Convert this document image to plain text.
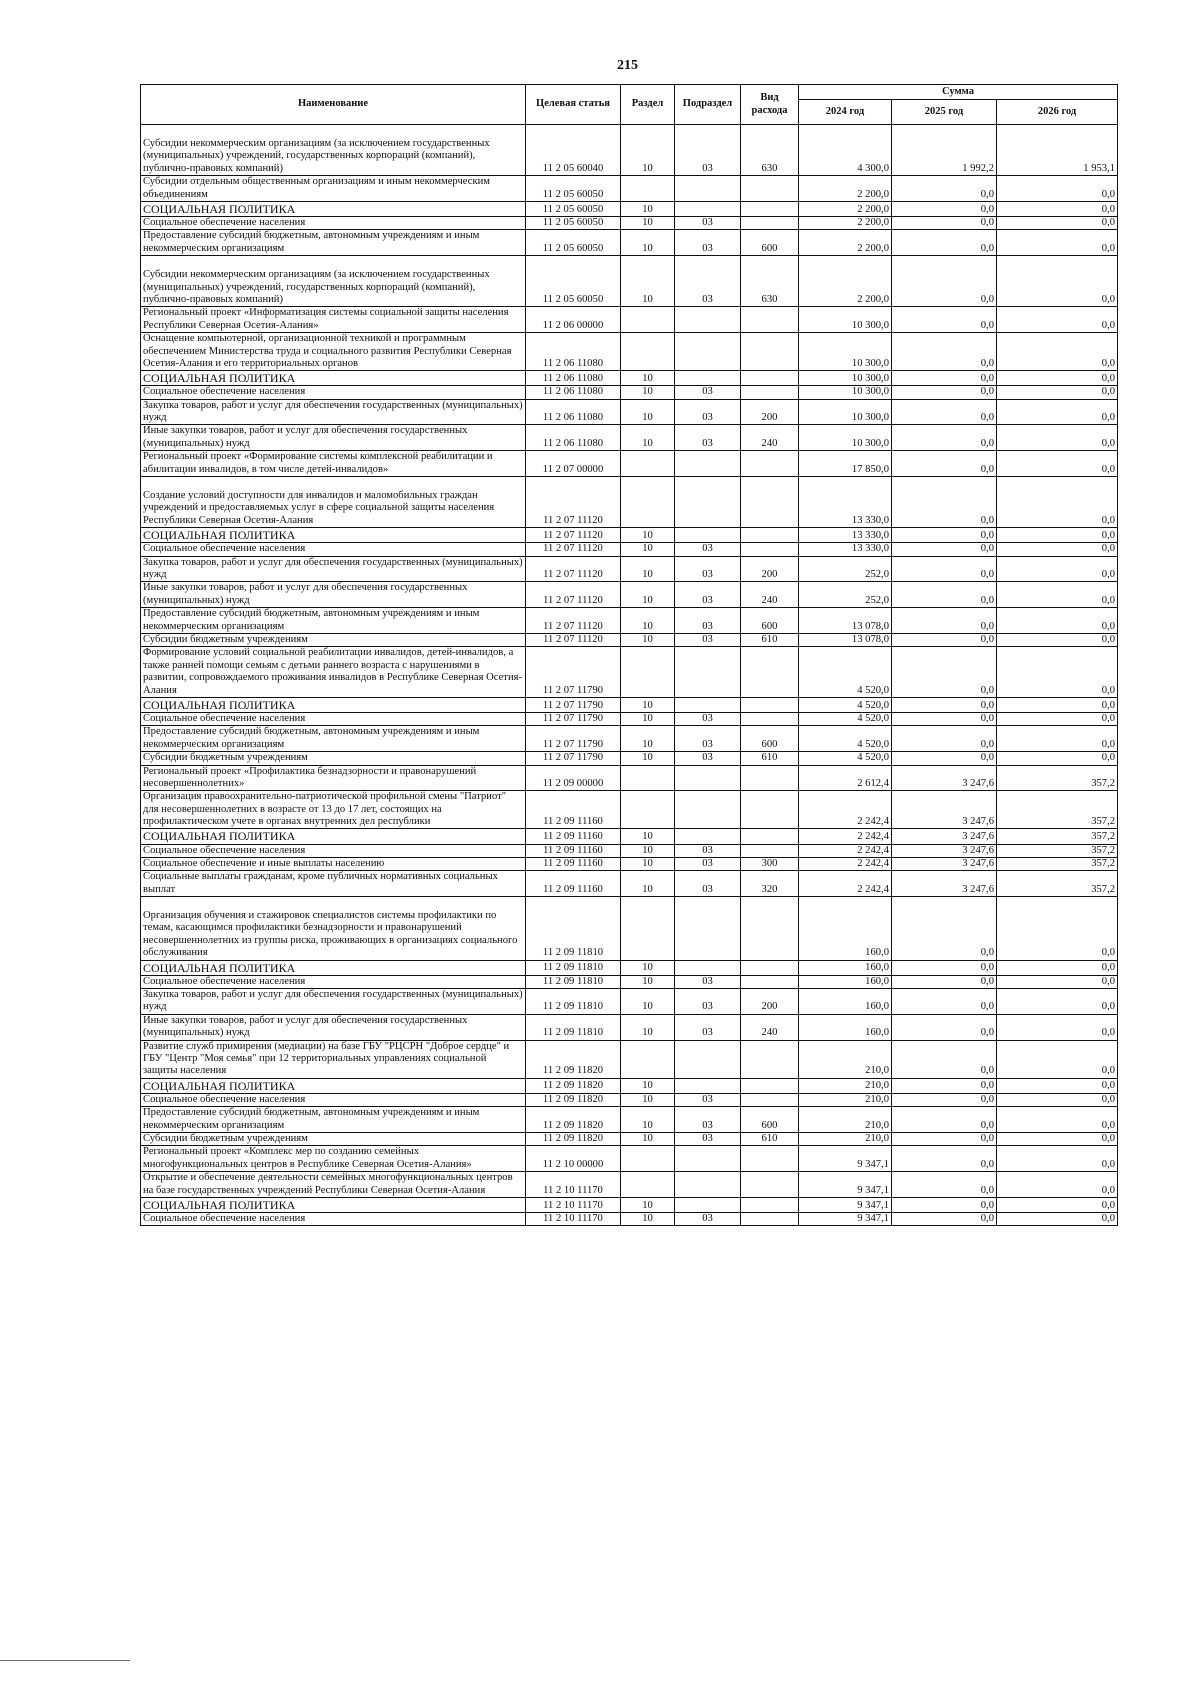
215
Наименование	Целевая статья	Раздел	Подраздел	Вид расхода	Сумма		
					2024 год	2025 год	2026 год
Субсидии некоммерческим организациям (за исключением государственных (муниципальных) учреждений, государственных корпораций (компаний), публично-правовых компаний)	11 2 05 60040	10	03	630	4 300,0	1 992,2	1 953,1
Субсидии отдельным общественным организациям и иным некоммерческим объединениям	11 2 05 60050				2 200,0	0,0	0,0
СОЦИАЛЬНАЯ ПОЛИТИКА	11 2 05 60050	10			2 200,0	0,0	0,0
Социальное обеспечение населения	11 2 05 60050	10	03		2 200,0	0,0	0,0
Предоставление субсидий бюджетным, автономным учреждениям и иным некоммерческим организациям	11 2 05 60050	10	03	600	2 200,0	0,0	0,0
Субсидии некоммерческим организациям (за исключением государственных (муниципальных) учреждений, государственных корпораций (компаний), публично-правовых компаний)	11 2 05 60050	10	03	630	2 200,0	0,0	0,0
Региональный проект «Информатизация системы социальной защиты населения Республики Северная Осетия-Алания»	11 2 06 00000				10 300,0	0,0	0,0
Оснащение компьютерной, организационной техникой и программным обеспечением Министерства труда и социального развития Республики Северная Осетия-Алания и его территориальных органов	11 2 06 11080				10 300,0	0,0	0,0
СОЦИАЛЬНАЯ ПОЛИТИКА	11 2 06 11080	10			10 300,0	0,0	0,0
Социальное обеспечение населения	11 2 06 11080	10	03		10 300,0	0,0	0,0
Закупка товаров, работ и услуг для обеспечения государственных (муниципальных) нужд	11 2 06 11080	10	03	200	10 300,0	0,0	0,0
Иные закупки товаров, работ и услуг для обеспечения государственных (муниципальных) нужд	11 2 06 11080	10	03	240	10 300,0	0,0	0,0
Региональный проект «Формирование системы комплексной реабилитации и абилитации инвалидов, в том числе детей-инвалидов»	11 2 07 00000				17 850,0	0,0	0,0
Создание условий доступности для инвалидов и маломобильных граждан учреждений и предоставляемых услуг в сфере социальной защиты населения Республики Северная Осетия-Алания	11 2 07 11120				13 330,0	0,0	0,0
СОЦИАЛЬНАЯ ПОЛИТИКА	11 2 07 11120	10			13 330,0	0,0	0,0
Социальное обеспечение населения	11 2 07 11120	10	03		13 330,0	0,0	0,0
Закупка товаров, работ и услуг для обеспечения государственных (муниципальных) нужд	11 2 07 11120	10	03	200	252,0	0,0	0,0
Иные закупки товаров, работ и услуг для обеспечения государственных (муниципальных) нужд	11 2 07 11120	10	03	240	252,0	0,0	0,0
Предоставление субсидий бюджетным, автономным учреждениям и иным некоммерческим организациям	11 2 07 11120	10	03	600	13 078,0	0,0	0,0
Субсидии бюджетным учреждениям	11 2 07 11120	10	03	610	13 078,0	0,0	0,0
Формирование условий социальной реабилитации инвалидов, детей-инвалидов, а также ранней помощи семьям с детьми раннего возраста с нарушениями в развитии, сопровождаемого проживания инвалидов в Республике Северная Осетия-Алания	11 2 07 11790				4 520,0	0,0	0,0
СОЦИАЛЬНАЯ ПОЛИТИКА	11 2 07 11790	10			4 520,0	0,0	0,0
Социальное обеспечение населения	11 2 07 11790	10	03		4 520,0	0,0	0,0
Предоставление субсидий бюджетным, автономным учреждениям и иным некоммерческим организациям	11 2 07 11790	10	03	600	4 520,0	0,0	0,0
Субсидии бюджетным учреждениям	11 2 07 11790	10	03	610	4 520,0	0,0	0,0
Региональный проект «Профилактика безнадзорности и правонарушений несовершеннолетних»	11 2 09 00000				2 612,4	3 247,6	357,2
Организация правоохранительно-патриотической профильной смены "Патриот" для несовершеннолетних в возрасте от 13 до 17 лет, состоящих на профилактическом учете в органах внутренних дел республики	11 2 09 11160				2 242,4	3 247,6	357,2
СОЦИАЛЬНАЯ ПОЛИТИКА	11 2 09 11160	10			2 242,4	3 247,6	357,2
Социальное обеспечение населения	11 2 09 11160	10	03		2 242,4	3 247,6	357,2
Социальное обеспечение и иные выплаты населению	11 2 09 11160	10	03	300	2 242,4	3 247,6	357,2
Социальные выплаты гражданам, кроме публичных нормативных социальных выплат	11 2 09 11160	10	03	320	2 242,4	3 247,6	357,2
Организация обучения и стажировок специалистов системы профилактики по темам, касающимся профилактики безнадзорности и правонарушений несовершеннолетних из группы риска, проживающих в организациях социального обслуживания	11 2 09 11810				160,0	0,0	0,0
СОЦИАЛЬНАЯ ПОЛИТИКА	11 2 09 11810	10			160,0	0,0	0,0
Социальное обеспечение населения	11 2 09 11810	10	03		160,0	0,0	0,0
Закупка товаров, работ и услуг для обеспечения государственных (муниципальных) нужд	11 2 09 11810	10	03	200	160,0	0,0	0,0
Иные закупки товаров, работ и услуг для обеспечения государственных (муниципальных) нужд	11 2 09 11810	10	03	240	160,0	0,0	0,0
Развитие служб примирения (медиации) на базе ГБУ "РЦСРН "Доброе сердце" и ГБУ "Центр "Моя семья" при 12 территориальных управлениях социальной защиты населения	11 2 09 11820				210,0	0,0	0,0
СОЦИАЛЬНАЯ ПОЛИТИКА	11 2 09 11820	10			210,0	0,0	0,0
Социальное обеспечение населения	11 2 09 11820	10	03		210,0	0,0	0,0
Предоставление субсидий бюджетным, автономным учреждениям и иным некоммерческим организациям	11 2 09 11820	10	03	600	210,0	0,0	0,0
Субсидии бюджетным учреждениям	11 2 09 11820	10	03	610	210,0	0,0	0,0
Региональный проект «Комплекс мер по созданию семейных многофункциональных центров в Республике Северная Осетия-Алания»	11 2 10 00000				9 347,1	0,0	0,0
Открытие и обеспечение деятельности семейных многофункциональных центров на базе государственных учреждений Республики Северная Осетия-Алания	11 2 10 11170				9 347,1	0,0	0,0
СОЦИАЛЬНАЯ ПОЛИТИКА	11 2 10 11170	10			9 347,1	0,0	0,0
Социальное обеспечение населения	11 2 10 11170	10	03		9 347,1	0,0	0,0
